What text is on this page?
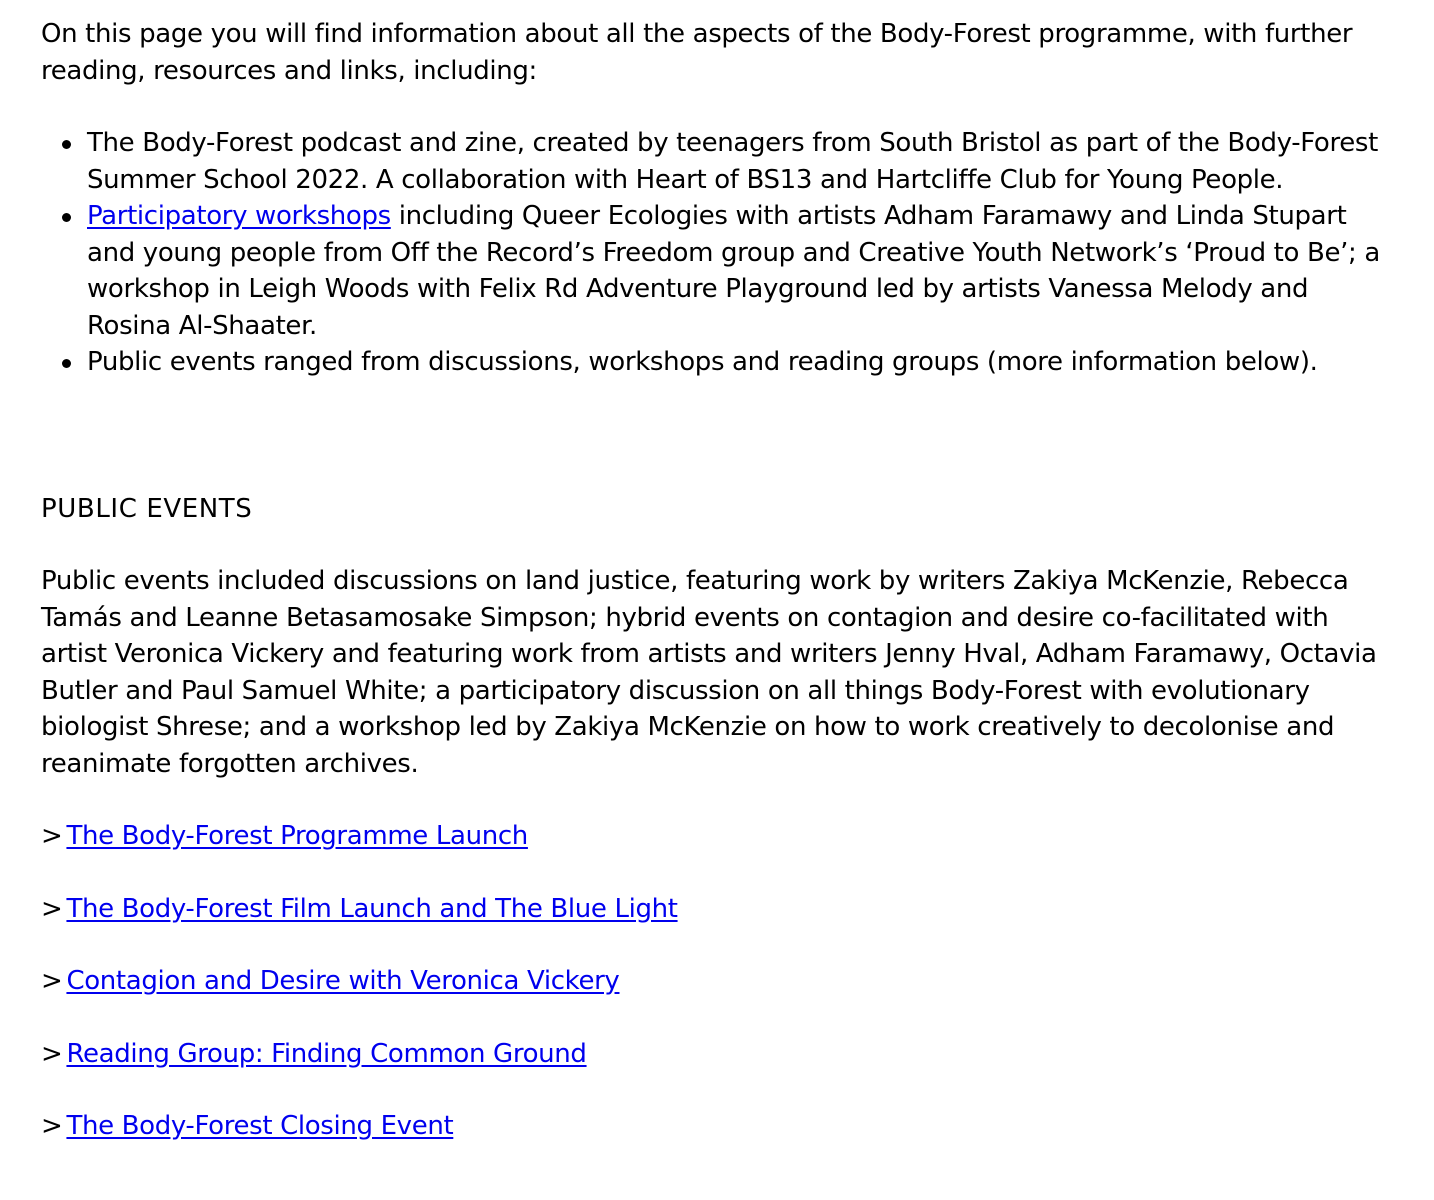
On this page you will find information about all the aspects of the Body-Forest programme, with further reading, resources and links, including:

The Body-Forest podcast and zine, created by teenagers from South Bristol as part of the Body-Forest Summer School 2022. A collaboration with Heart of BS13 and Hartcliffe Club for Young People.
Participatory workshops including Queer Ecologies with artists Adham Faramawy and Linda Stupart and young people from Off the Record’s Freedom group and Creative Youth Network’s ‘Proud to Be’; a workshop in Leigh Woods with Felix Rd Adventure Playground led by artists Vanessa Melody and Rosina Al-Shaater.
Public events ranged from discussions, workshops and reading groups (more information below).

PUBLIC EVENTS

Public events included discussions on land justice, featuring work by writers Zakiya McKenzie, Rebecca Tamás and Leanne Betasamosake Simpson; hybrid events on contagion and desire co-facilitated with artist Veronica Vickery and featuring work from artists and writers Jenny Hval, Adham Faramawy, Octavia Butler and Paul Samuel White; a participatory discussion on all things Body-Forest with evolutionary biologist Shrese; and a workshop led by Zakiya McKenzie on how to work creatively to decolonise and reanimate forgotten archives.

> The Body-Forest Programme Launch
> The Body-Forest Film Launch and The Blue Light
> Contagion and Desire with Veronica Vickery
> Reading Group: Finding Common Ground
> The Body-Forest Closing Event
